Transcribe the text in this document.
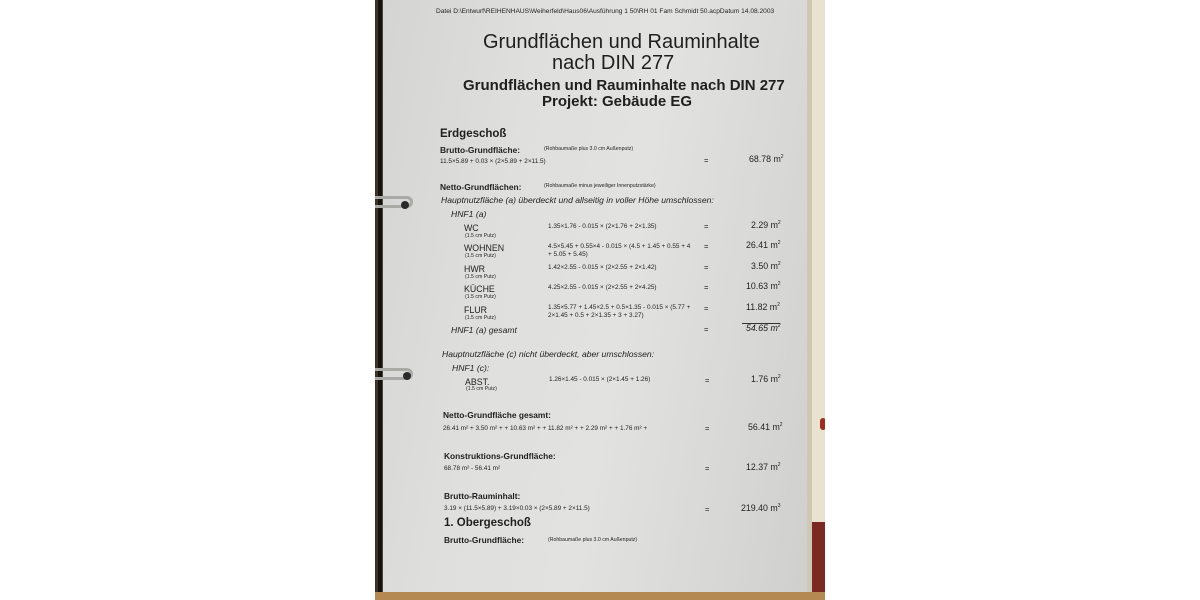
Datei D:\Entwurf\REIHENHAUS\Weiherfeld\Haus06\Ausführung 1 50\RH 01 Fam Schmidt 50.acpDatum 14.08.2003
Grundflächen und Rauminhalte
nach DIN 277
Grundflächen und Rauminhalte nach DIN 277
Projekt: Gebäude EG
Erdgeschoß
Brutto-Grundfläche:	(Rohbaumaße plus 3.0 cm Außenputz)
11.5×5.89 + 0.03 × (2×5.89 + 2×11.5)	=	68.78 $m^2$
Netto-Grundflächen:	(Rohbaumaße minus jeweiliger Innenputzstärke)
Hauptnutzfläche (a) überdeckt und allseitig in voller Höhe umschlossen:
HNF1 (a)
WC
(1.5 cm Putz)
1.35×1.76 - 0.015 × (2×1.76 + 2×1.35)	=	2.29 $m^2$
WOHNEN
(1.5 cm Putz)
4.5×5.45 + 0.55×4 - 0.015 × (4.5 + 1.45 + 0.55 + 4
+ 5.05 + 5.45)
=	26.41 $m^2$
HWR
(1.5 cm Putz)
1.42×2.55 - 0.015 × (2×2.55 + 2×1.42)	=	3.50 $m^2$
KÜCHE
(1.5 cm Putz)
4.25×2.55 - 0.015 × (2×2.55 + 2×4.25)	=	10.63 $m^2$
FLUR
(1.5 cm Putz)
1.35×5.77 + 1.45×2.5 + 0.5×1.35 - 0.015 × (5.77 +
2×1.45 + 0.5 + 2×1.35 + 3 + 3.27)
=	11.82 $m^2$
HNF1 (a) gesamt	=	54.65 $m^2$
Hauptnutzfläche (c) nicht überdeckt, aber umschlossen:
HNF1 (c):
ABST.
(1.5 cm Putz)
1.26×1.45 - 0.015 × (2×1.45 + 1.26)	=	1.76 $m^2$
Netto-Grundfläche gesamt:
26.41 m² + 3.50 m² + + 10.63 m² + + 11.82 m² + + 2.29 m² + + 1.76 m² +	=	56.41 $m^2$
Konstruktions-Grundfläche:
68.78 m² - 56.41 m²	=	12.37 $m^2$
Brutto-Rauminhalt:
3.19 × (11.5×5.89) + 3.19×0.03 × (2×5.89 + 2×11.5)	=	219.40 $m^3$
1. Obergeschoß
Brutto-Grundfläche:	(Rohbaumaße plus 3.0 cm Außenputz)
